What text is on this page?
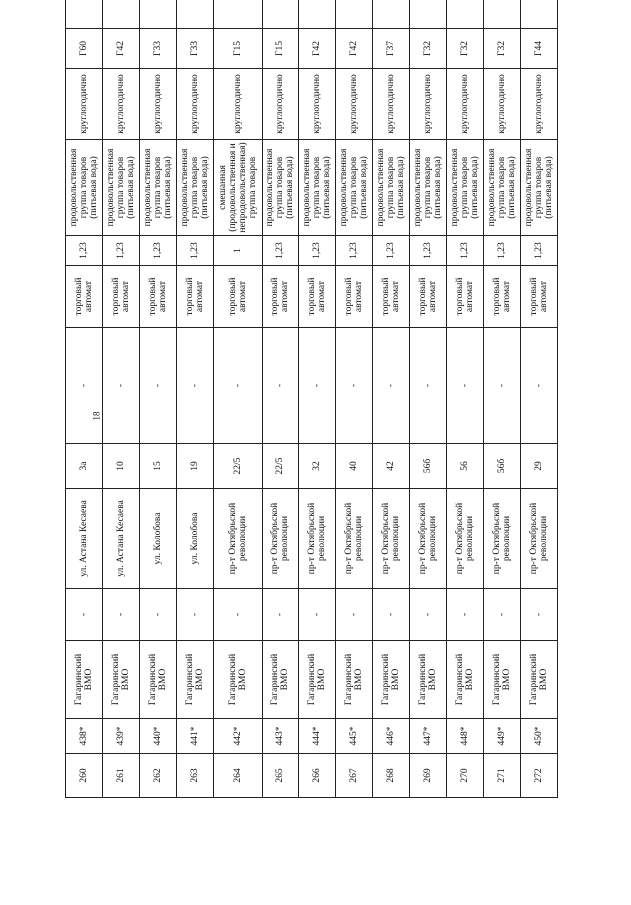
18
260	438*	Гагаринский
ВМО	-	ул. Астана Кесаева	3а	-	торговый
автомат	1,23	продовольственная
группа товаров
(питьевая вода)	круглогодично	Г60	
261	439*	Гагаринский
ВМО	-	ул. Астана Кесаева	10	-	торговый
автомат	1,23	продовольственная
группа товаров
(питьевая вода)	круглогодично	Г42	
262	440*	Гагаринский
ВМО	-	ул. Колобова	15	-	торговый
автомат	1,23	продовольственная
группа товаров
(питьевая вода)	круглогодично	Г33	
263	441*	Гагаринский
ВМО	-	ул. Колобова	19	-	торговый
автомат	1,23	продовольственная
группа товаров
(питьевая вода)	круглогодично	Г33	
264	442*	Гагаринский
ВМО	-	пр-т Октябрьской
революции	22/5	-	торговый
автомат	1	смешанная
(продовольственная и
непродовольственная)
группа товаров	круглогодично	Г15	
265	443*	Гагаринский
ВМО	-	пр-т Октябрьской
революции	22/5	-	торговый
автомат	1,23	продовольственная
группа товаров
(питьевая вода)	круглогодично	Г15	
266	444*	Гагаринский
ВМО	-	пр-т Октябрьской
революции	32	-	торговый
автомат	1,23	продовольственная
группа товаров
(питьевая вода)	круглогодично	Г42	
267	445*	Гагаринский
ВМО	-	пр-т Октябрьской
революции	40	-	торговый
автомат	1,23	продовольственная
группа товаров
(питьевая вода)	круглогодично	Г42	
268	446*	Гагаринский
ВМО	-	пр-т Октябрьской
революции	42	-	торговый
автомат	1,23	продовольственная
группа товаров
(питьевая вода)	круглогодично	Г37	
269	447*	Гагаринский
ВМО	-	пр-т Октябрьской
революции	56б	-	торговый
автомат	1,23	продовольственная
группа товаров
(питьевая вода)	круглогодично	Г32	
270	448*	Гагаринский
ВМО	-	пр-т Октябрьской
революции	56	-	торговый
автомат	1,23	продовольственная
группа товаров
(питьевая вода)	круглогодично	Г32	
271	449*	Гагаринский
ВМО	-	пр-т Октябрьской
революции	56б	-	торговый
автомат	1,23	продовольственная
группа товаров
(питьевая вода)	круглогодично	Г32	
272	450*	Гагаринский
ВМО	-	пр-т Октябрьской
революции	29	-	торговый
автомат	1,23	продовольственная
группа товаров
(питьевая вода)	круглогодично	Г44	
